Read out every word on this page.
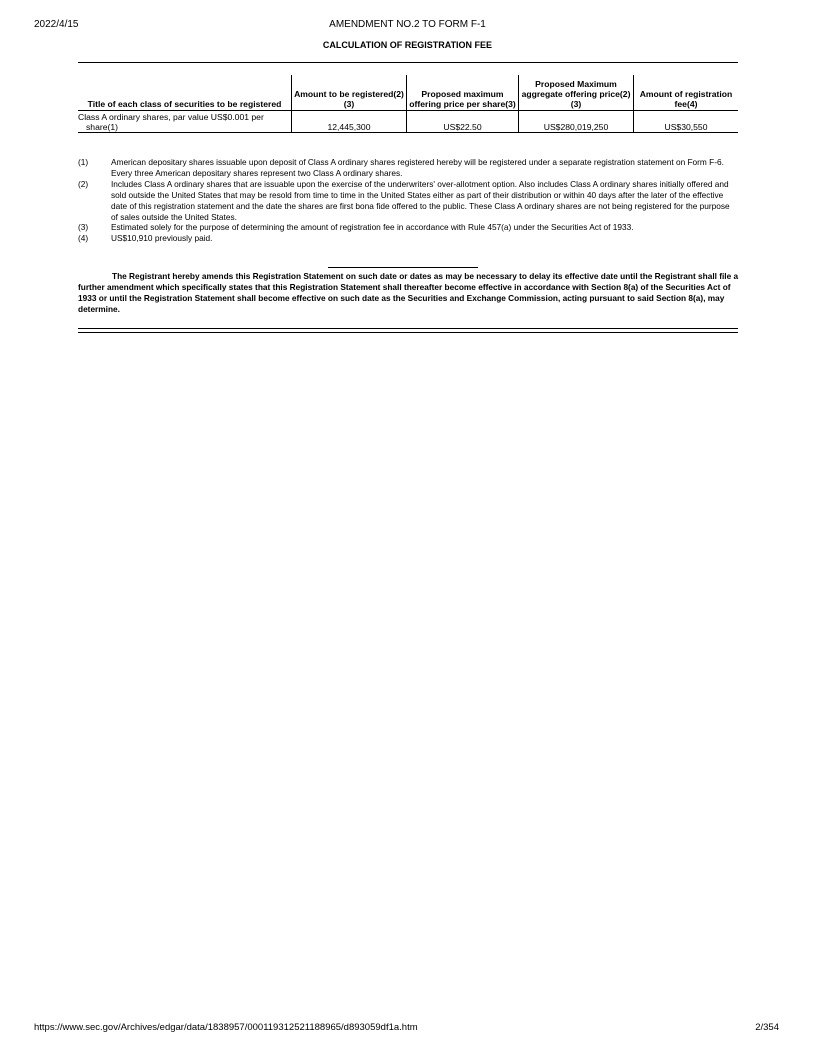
2022/4/15	AMENDMENT NO.2 TO FORM F-1
CALCULATION OF REGISTRATION FEE
Title of each class of securities to be registered	Amount to be registered(2)(3)	Proposed maximum offering price per share(3)	Proposed Maximum aggregate offering price(2)(3)	Amount of registration fee(4)
Class A ordinary shares, par value US$0.001 per
share(1)	12,445,300	US$22.50	US$280,019,250	US$30,550
(1)	American depositary shares issuable upon deposit of Class A ordinary shares registered hereby will be registered under a separate registration statement on Form F-6. Every three American depositary shares represent two Class A ordinary shares.
(2)	Includes Class A ordinary shares that are issuable upon the exercise of the underwriters' over-allotment option. Also includes Class A ordinary shares initially offered and sold outside the United States that may be resold from time to time in the United States either as part of their distribution or within 40 days after the later of the effective date of this registration statement and the date the shares are first bona fide offered to the public. These Class A ordinary shares are not being registered for the purpose of sales outside the United States.
(3)	Estimated solely for the purpose of determining the amount of registration fee in accordance with Rule 457(a) under the Securities Act of 1933.
(4)	US$10,910 previously paid.
The Registrant hereby amends this Registration Statement on such date or dates as may be necessary to delay its effective date until the Registrant shall file a further amendment which specifically states that this Registration Statement shall thereafter become effective in accordance with Section 8(a) of the Securities Act of 1933 or until the Registration Statement shall become effective on such date as the Securities and Exchange Commission, acting pursuant to said Section 8(a), may determine.
https://www.sec.gov/Archives/edgar/data/1838957/000119312521188965/d893059df1a.htm	2/354
